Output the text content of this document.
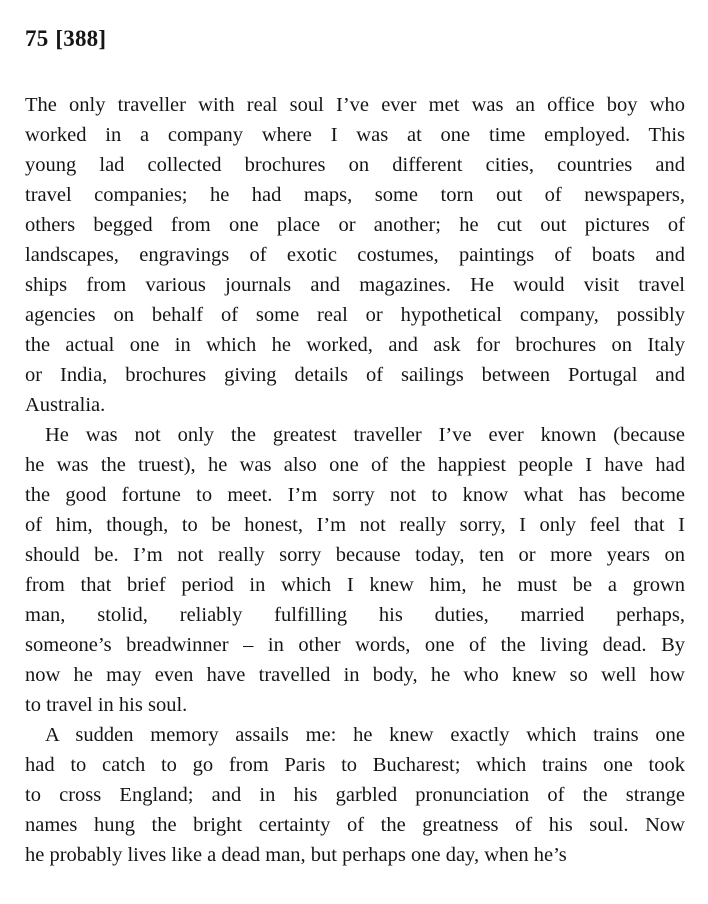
75 [388]
The only traveller with real soul I’ve ever met was an office boy who
worked in a company where I was at one time employed. This
young lad collected brochures on different cities, countries and
travel companies; he had maps, some torn out of newspapers,
others begged from one place or another; he cut out pictures of
landscapes, engravings of exotic costumes, paintings of boats and
ships from various journals and magazines. He would visit travel
agencies on behalf of some real or hypothetical company, possibly
the actual one in which he worked, and ask for brochures on Italy
or India, brochures giving details of sailings between Portugal and
Australia.
He was not only the greatest traveller I’ve ever known (because
he was the truest), he was also one of the happiest people I have had
the good fortune to meet. I’m sorry not to know what has become
of him, though, to be honest, I’m not really sorry, I only feel that I
should be. I’m not really sorry because today, ten or more years on
from that brief period in which I knew him, he must be a grown
man, stolid, reliably fulfilling his duties, married perhaps,
someone’s breadwinner – in other words, one of the living dead. By
now he may even have travelled in body, he who knew so well how
to travel in his soul.
A sudden memory assails me: he knew exactly which trains one
had to catch to go from Paris to Bucharest; which trains one took
to cross England; and in his garbled pronunciation of the strange
names hung the bright certainty of the greatness of his soul. Now
he probably lives like a dead man, but perhaps one day, when he’s
